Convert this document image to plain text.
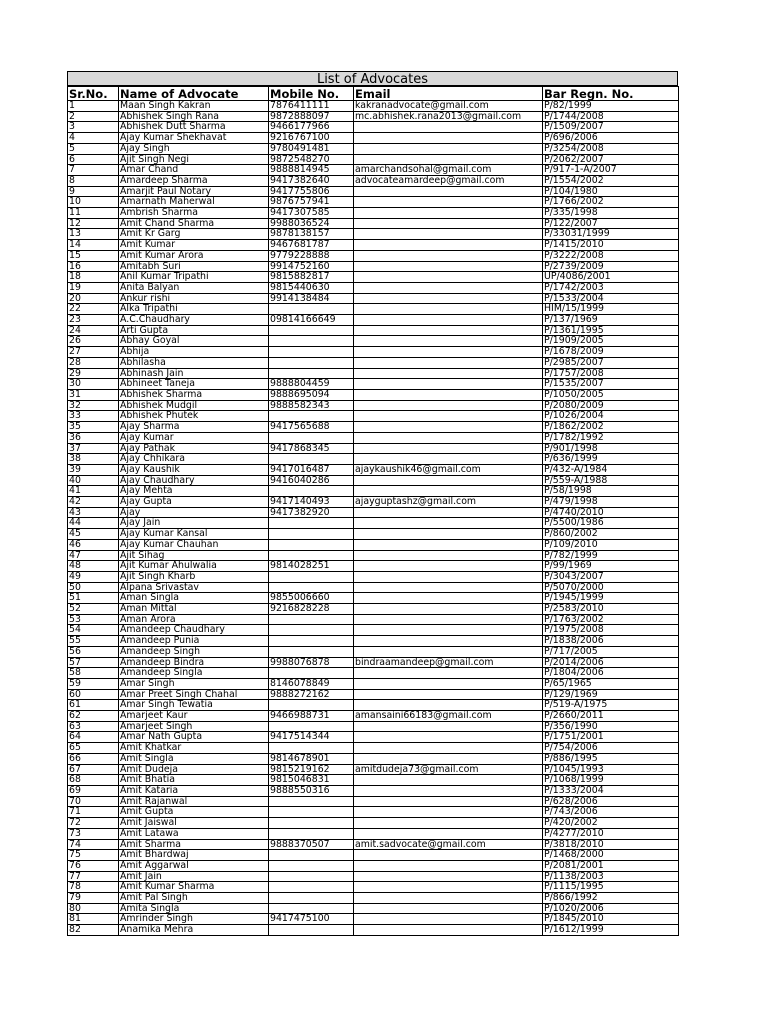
List of Advocates
Sr.No.	Name of Advocate	Mobile No.	Email	Bar Regn. No.
1	Maan Singh Kakran	7876411111	kakranadvocate@gmail.com	P/82/1999
2	Abhishek Singh Rana	9872888097	mc.abhishek.rana2013@gmail.com	P/1744/2008
3	Abhishek Dutt Sharma	9466177966		P/1509/2007
4	Ajay Kumar Shekhavat	9216767100		P/696/2006
5	Ajay Singh	9780491481		P/3254/2008
6	Ajit Singh Negi	9872548270		P/2062/2007
7	Amar Chand	9888814945	amarchandsohal@gmail.com	P/917-1-A/2007
8	Amardeep Sharma	9417382640	advocateamardeep@gmail.com	P/1554/2002
9	Amarjit Paul Notary	9417755806		P/104/1980
10	Amarnath Maherwal	9876757941		P/1766/2002
11	Ambrish Sharma	9417307585		P/335/1998
12	Amit Chand Sharma	9988036524		P/122/2007
13	Amit Kr Garg	9878138157		P/33031/1999
14	Amit Kumar	9467681787		P/1415/2010
15	Amit Kumar Arora	9779228888		P/3222/2008
16	Amitabh Suri	9914752160		P/2739/2009
18	Anil Kumar Tripathi	9815882817		UP/4086/2001
19	Anita Balyan	9815440630		P/1742/2003
20	Ankur rishi	9914138484		P/1533/2004
22	Alka Tripathi			HIM/15/1999
23	A.C.Chaudhary	09814166649		P/137/1969
24	Arti Gupta			P/1361/1995
26	Abhay Goyal			P/1909/2005
27	Abhija			P/1678/2009
28	Abhilasha			P/2985/2007
29	Abhinash Jain			P/1757/2008
30	Abhineet Taneja	9888804459		P/1535/2007
31	Abhishek Sharma	9888695094		P/1050/2005
32	Abhishek Mudgil	9888582343		P/2080/2009
33	Abhishek Phutek			P/1026/2004
35	Ajay Sharma	9417565688		P/1862/2002
36	Ajay Kumar			P/1782/1992
37	Ajay Pathak	9417868345		P/901/1998
38	Ajay Chhikara			P/636/1999
39	Ajay Kaushik	9417016487	ajaykaushik46@gmail.com	P/432-A/1984
40	Ajay Chaudhary	9416040286		P/559-A/1988
41	Ajay Mehta			P/58/1998
42	Ajay Gupta	9417140493	ajayguptashz@gmail.com	P/479/1998
43	Ajay	9417382920		P/4740/2010
44	Ajay Jain			P/5500/1986
45	Ajay Kumar Kansal			P/860/2002
46	Ajay Kumar Chauhan			P/109/2010
47	Ajit Sihag			P/782/1999
48	Ajit Kumar Ahulwalia	9814028251		P/99/1969
49	Ajit Singh Kharb			P/3043/2007
50	Alpana Srivastav			P/5070/2000
51	Aman Singla	9855006660		P/1945/1999
52	Aman Mittal	9216828228		P/2583/2010
53	Aman Arora			P/1763/2002
54	Amandeep Chaudhary			P/1975/2008
55	Amandeep Punia			P/1838/2006
56	Amandeep Singh			P/717/2005
57	Amandeep Bindra	9988076878	bindraamandeep@gmail.com	P/2014/2006
58	Amandeep Singla			P/1804/2006
59	Amar Singh	8146078849		P/65/1965
60	Amar Preet Singh Chahal	9888272162		P/129/1969
61	Amar Singh Tewatia			P/519-A/1975
62	Amarjeet Kaur	9466988731	amansaini66183@gmail.com	P/2660/2011
63	Amarjeet Singh			P/356/1990
64	Amar Nath Gupta	9417514344		P/1751/2001
65	Amit Khatkar			P/754/2006
66	Amit Singla	9814678901		P/886/1995
67	Amit Dudeja	9815219162	amitdudeja73@gmail.com	P/1045/1993
68	Amit Bhatia	9815046831		P/1068/1999
69	Amit Kataria	9888550316		P/1333/2004
70	Amit Rajanwal			P/628/2006
71	Amit Gupta			P/743/2006
72	Amit Jaiswal			P/420/2002
73	Amit Latawa			P/4277/2010
74	Amit Sharma	9888370507	amit.sadvocate@gmail.com	P/3818/2010
75	Amit Bhardwaj			P/1468/2000
76	Amit Aggarwal			P/2081/2001
77	Amit Jain			P/1138/2003
78	Amit Kumar Sharma			P/1115/1995
79	Amit Pal Singh			P/866/1992
80	Amita Singla			P/1020/2006
81	Amrinder Singh	9417475100		P/1845/2010
82	Anamika Mehra			P/1612/1999
